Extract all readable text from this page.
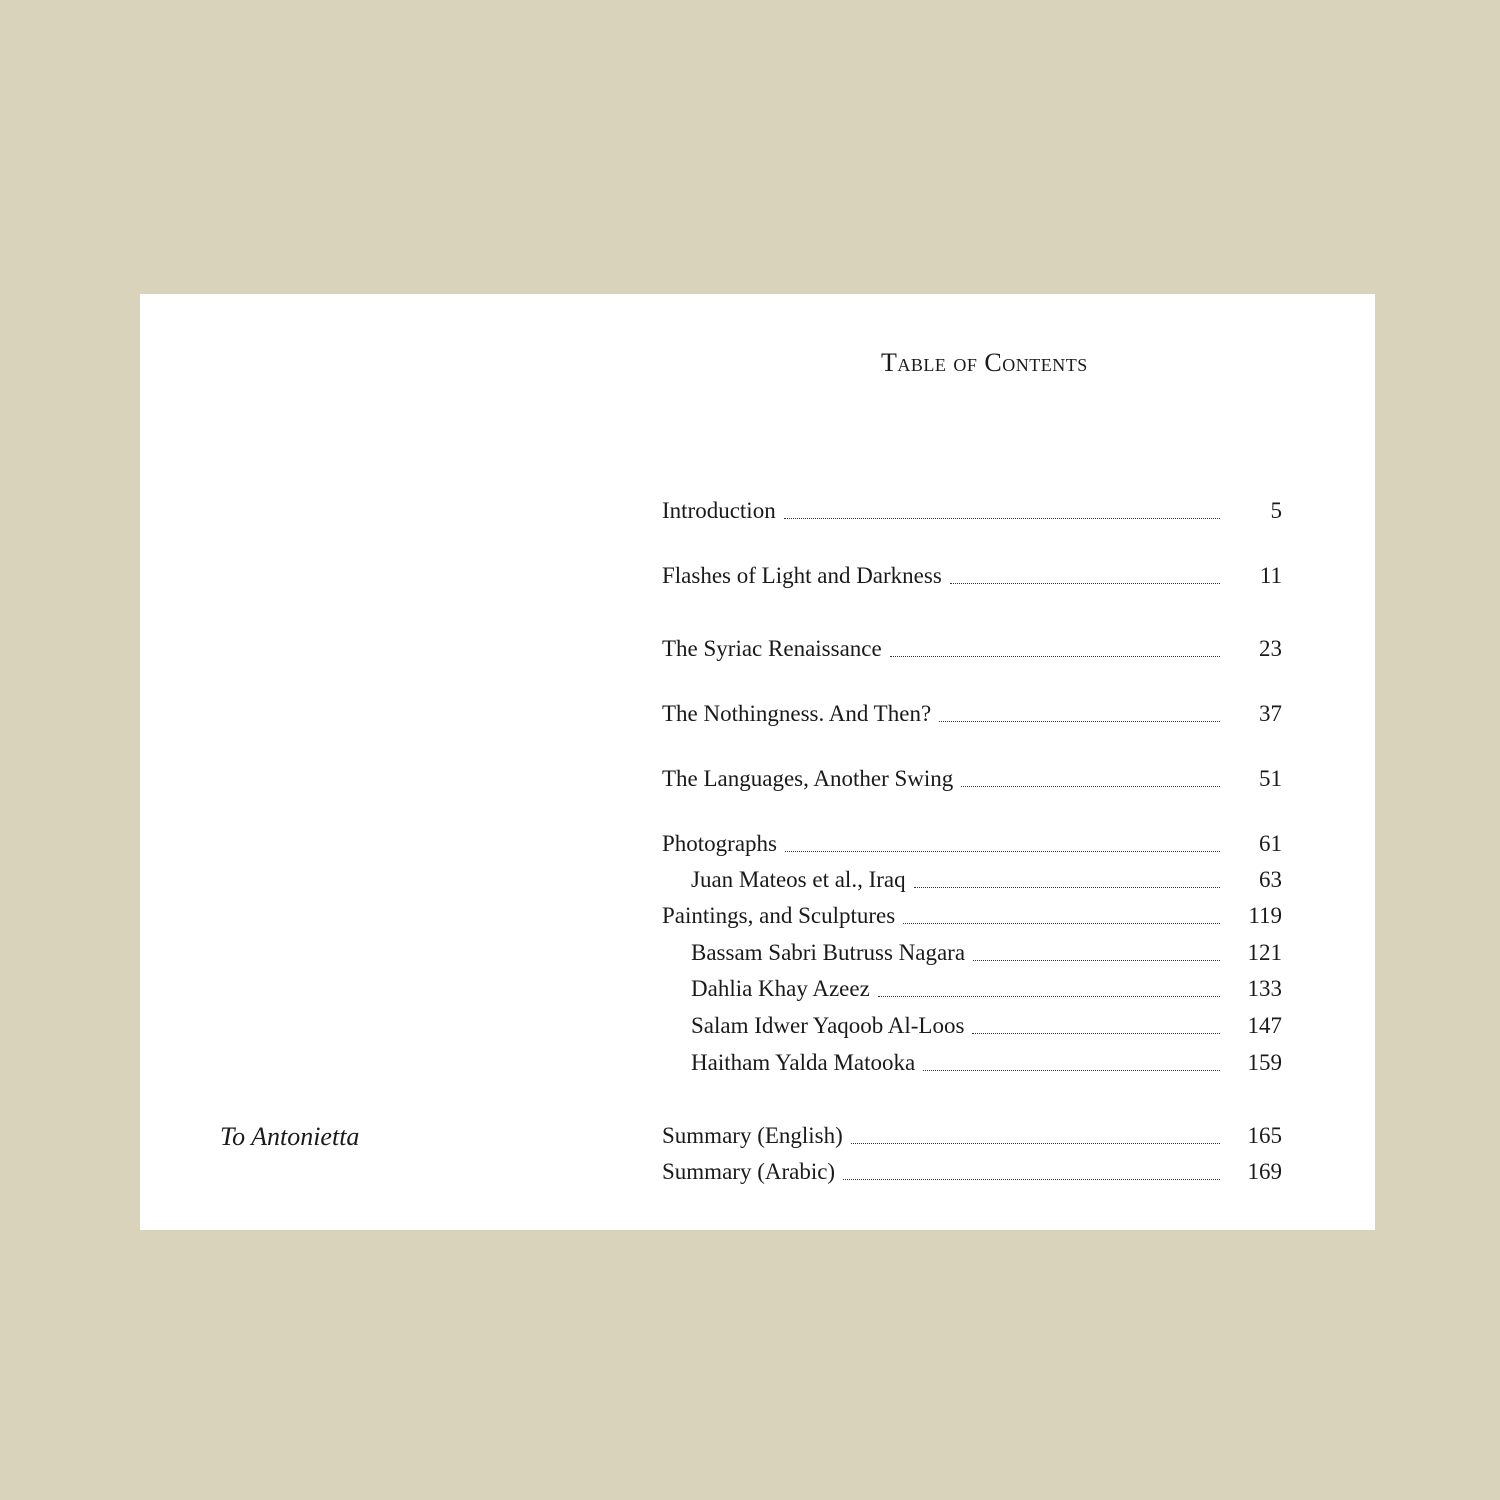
To Antonietta

Table of Contents
Introduction	5
Flashes of Light and Darkness	11
The Syriac Renaissance	23
The Nothingness. And Then?	37
The Languages, Another Swing	51
Photographs	61
Juan Mateos et al., Iraq	63
Paintings, and Sculptures	119
Bassam Sabri Butruss Nagara	121
Dahlia Khay Azeez	133
Salam Idwer Yaqoob Al-Loos	147
Haitham Yalda Matooka	159
Summary (English)	165
Summary (Arabic)	169
